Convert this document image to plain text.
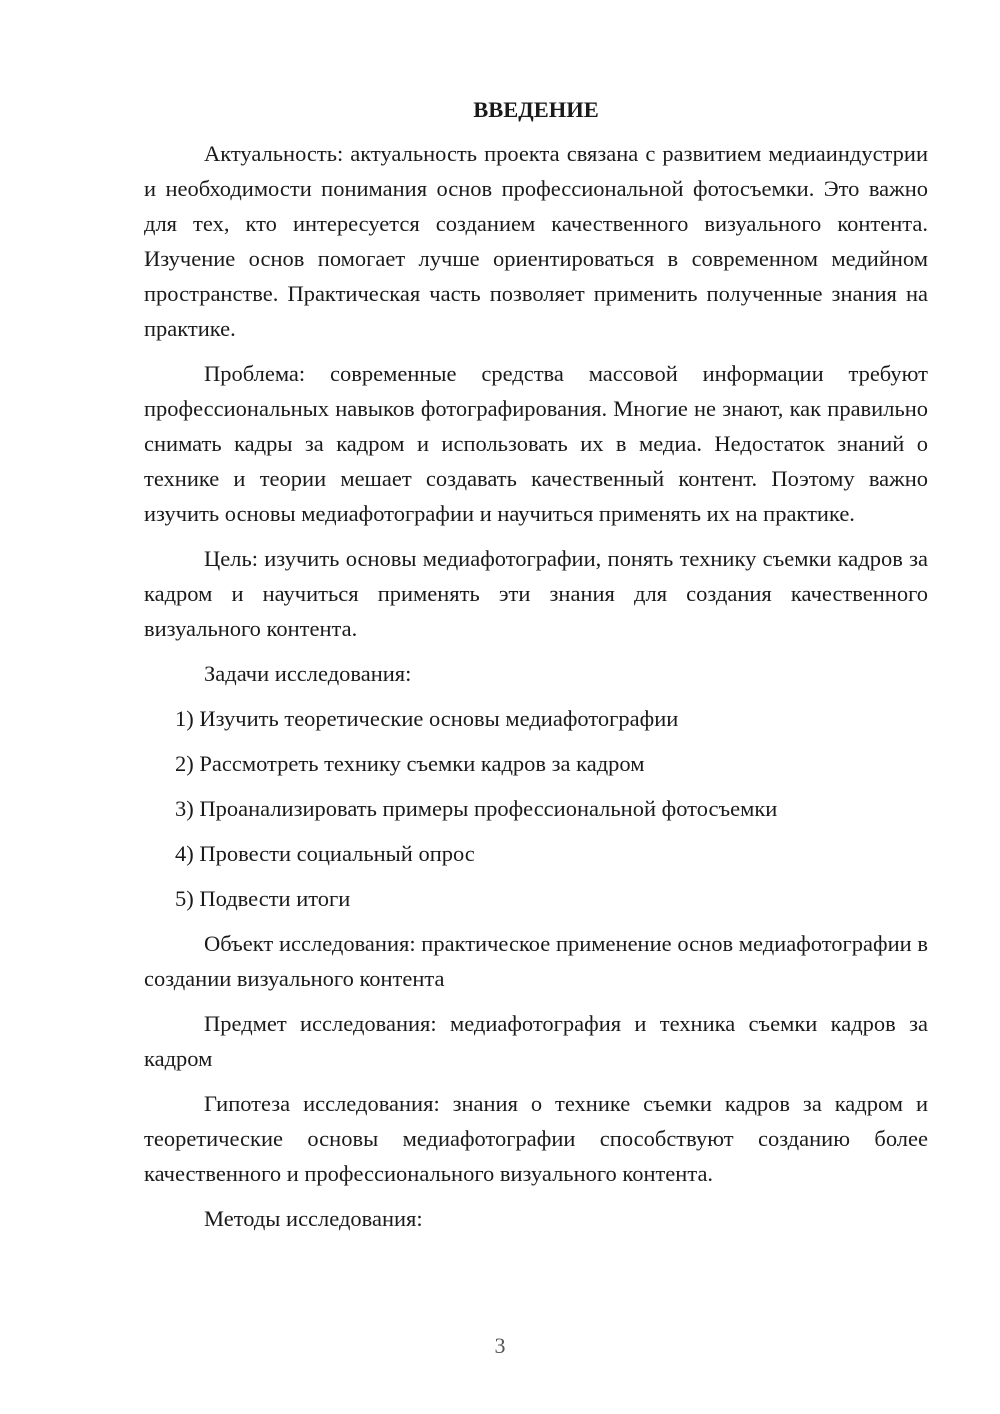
ВВЕДЕНИЕ

Актуальность: актуальность проекта связана с развитием медиаиндустрии и необходимости понимания основ профессиональной фотосъемки. Это важно для тех, кто интересуется созданием качественного визуального контента. Изучение основ помогает лучше ориентироваться в современном медийном пространстве. Практическая часть позволяет применить полученные знания на практике.

Проблема: современные средства массовой информации требуют профессиональных навыков фотографирования. Многие не знают, как правильно снимать кадры за кадром и использовать их в медиа. Недостаток знаний о технике и теории мешает создавать качественный контент. Поэтому важно изучить основы медиафотографии и научиться применять их на практике.

Цель: изучить основы медиафотографии, понять технику съемки кадров за кадром и научиться применять эти знания для создания качественного визуального контента.

Задачи исследования:

1) Изучить теоретические основы медиафотографии
2) Рассмотреть технику съемки кадров за кадром
3) Проанализировать примеры профессиональной фотосъемки
4) Провести социальный опрос
5) Подвести итоги

Объект исследования: практическое применение основ медиафотографии в создании визуального контента

Предмет исследования: медиафотография и техника съемки кадров за кадром

Гипотеза исследования: знания о технике съемки кадров за кадром и теоретические основы медиафотографии способствуют созданию более качественного и профессионального визуального контента.

Методы исследования:

3
